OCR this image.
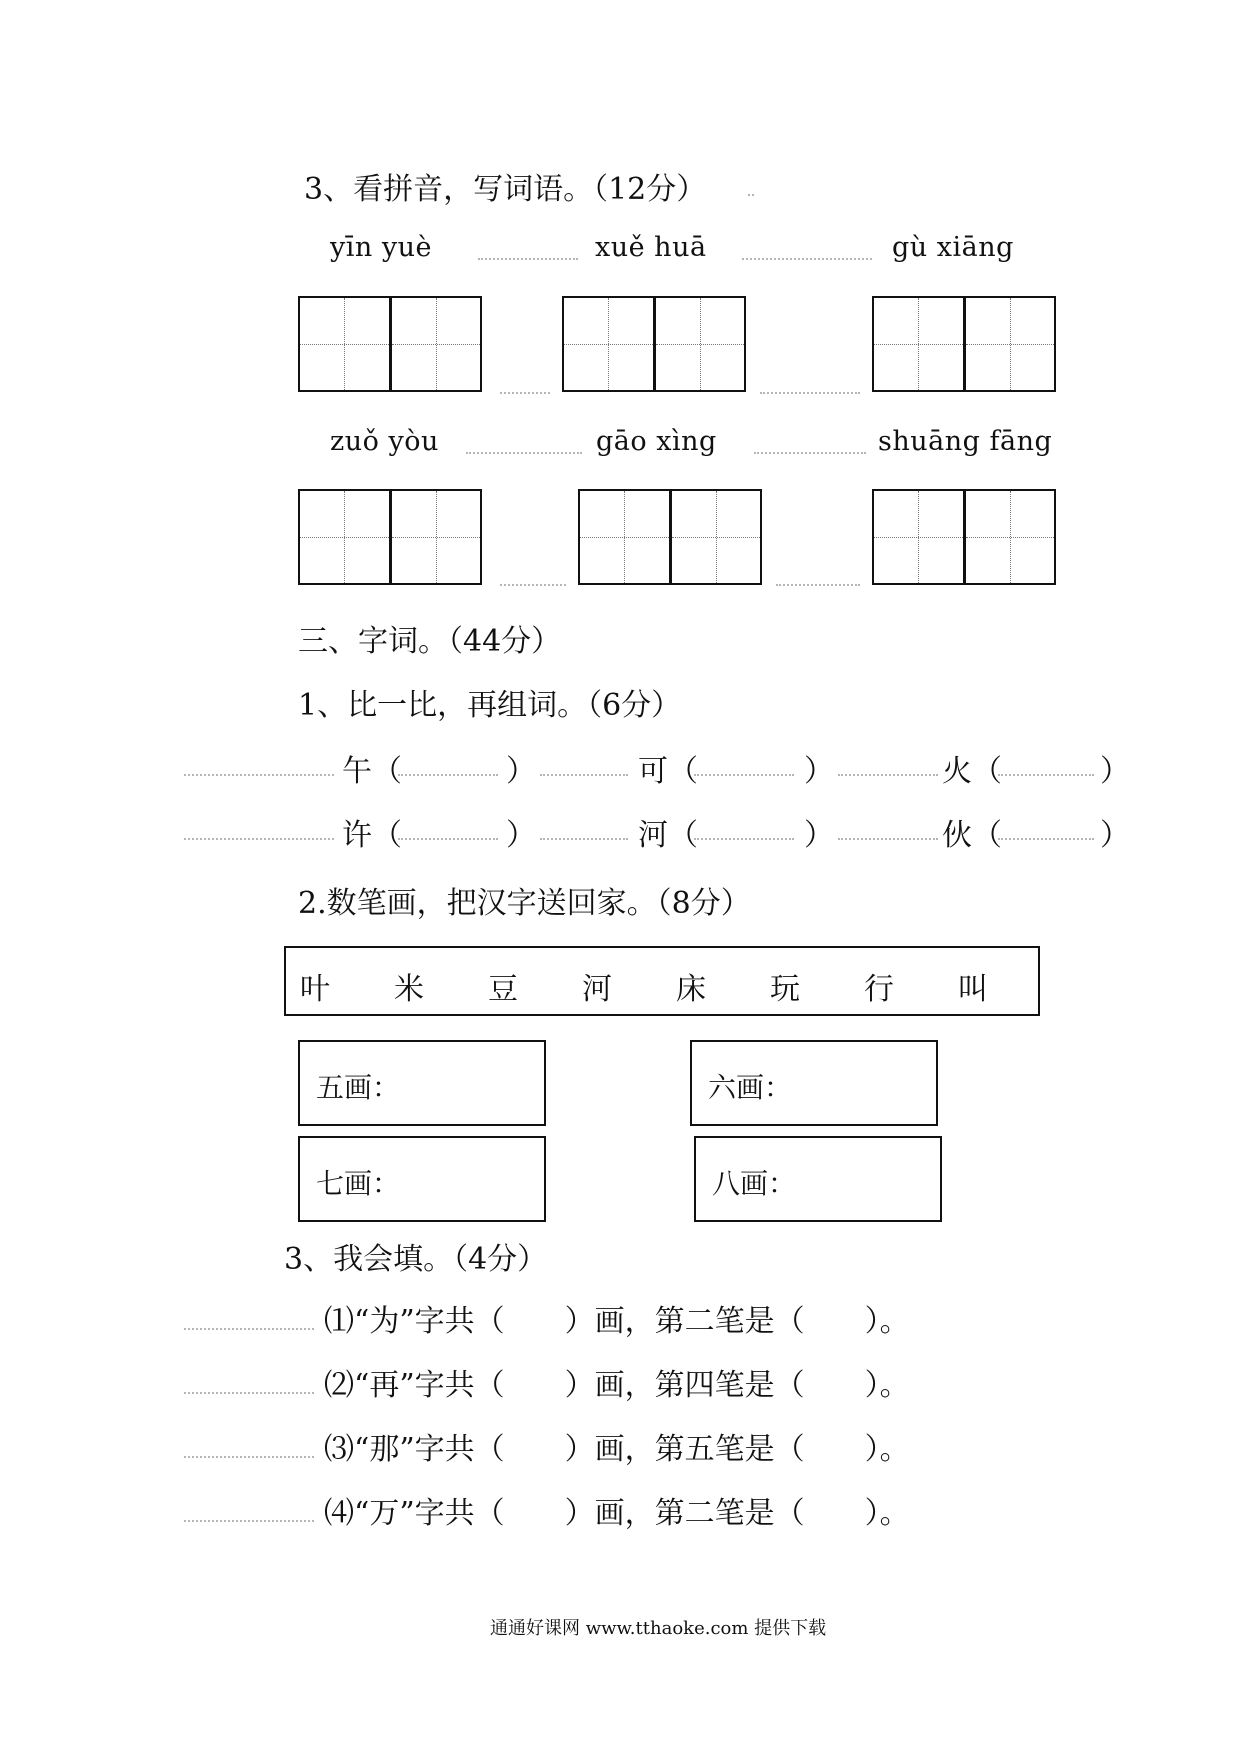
3、看拼音，写词语。（12分）
yīn yuè	xuě huā	gù xiāng
zuǒ yòu	gāo xìng	shuāng fāng
三、字词。（44分）
1、比一比，再组词。（6分）
午（	）	可（	）	火（	）
许（	）	河（	）	伙（	）
2.数笔画，把汉字送回家。（8分）
叶 米 豆 河 床 玩 行 叫
五画：	六画：
七画：	八画：
3、我会填。（4分）
⑴“为”字共（　　）画，第二笔是（　　）。
⑵“再”字共（　　）画，第四笔是（　　）。
⑶“那”字共（　　）画，第五笔是（　　）。
⑷“万”字共（　　）画，第二笔是（　　）。
通通好课网 www.tthaoke.com 提供下载
